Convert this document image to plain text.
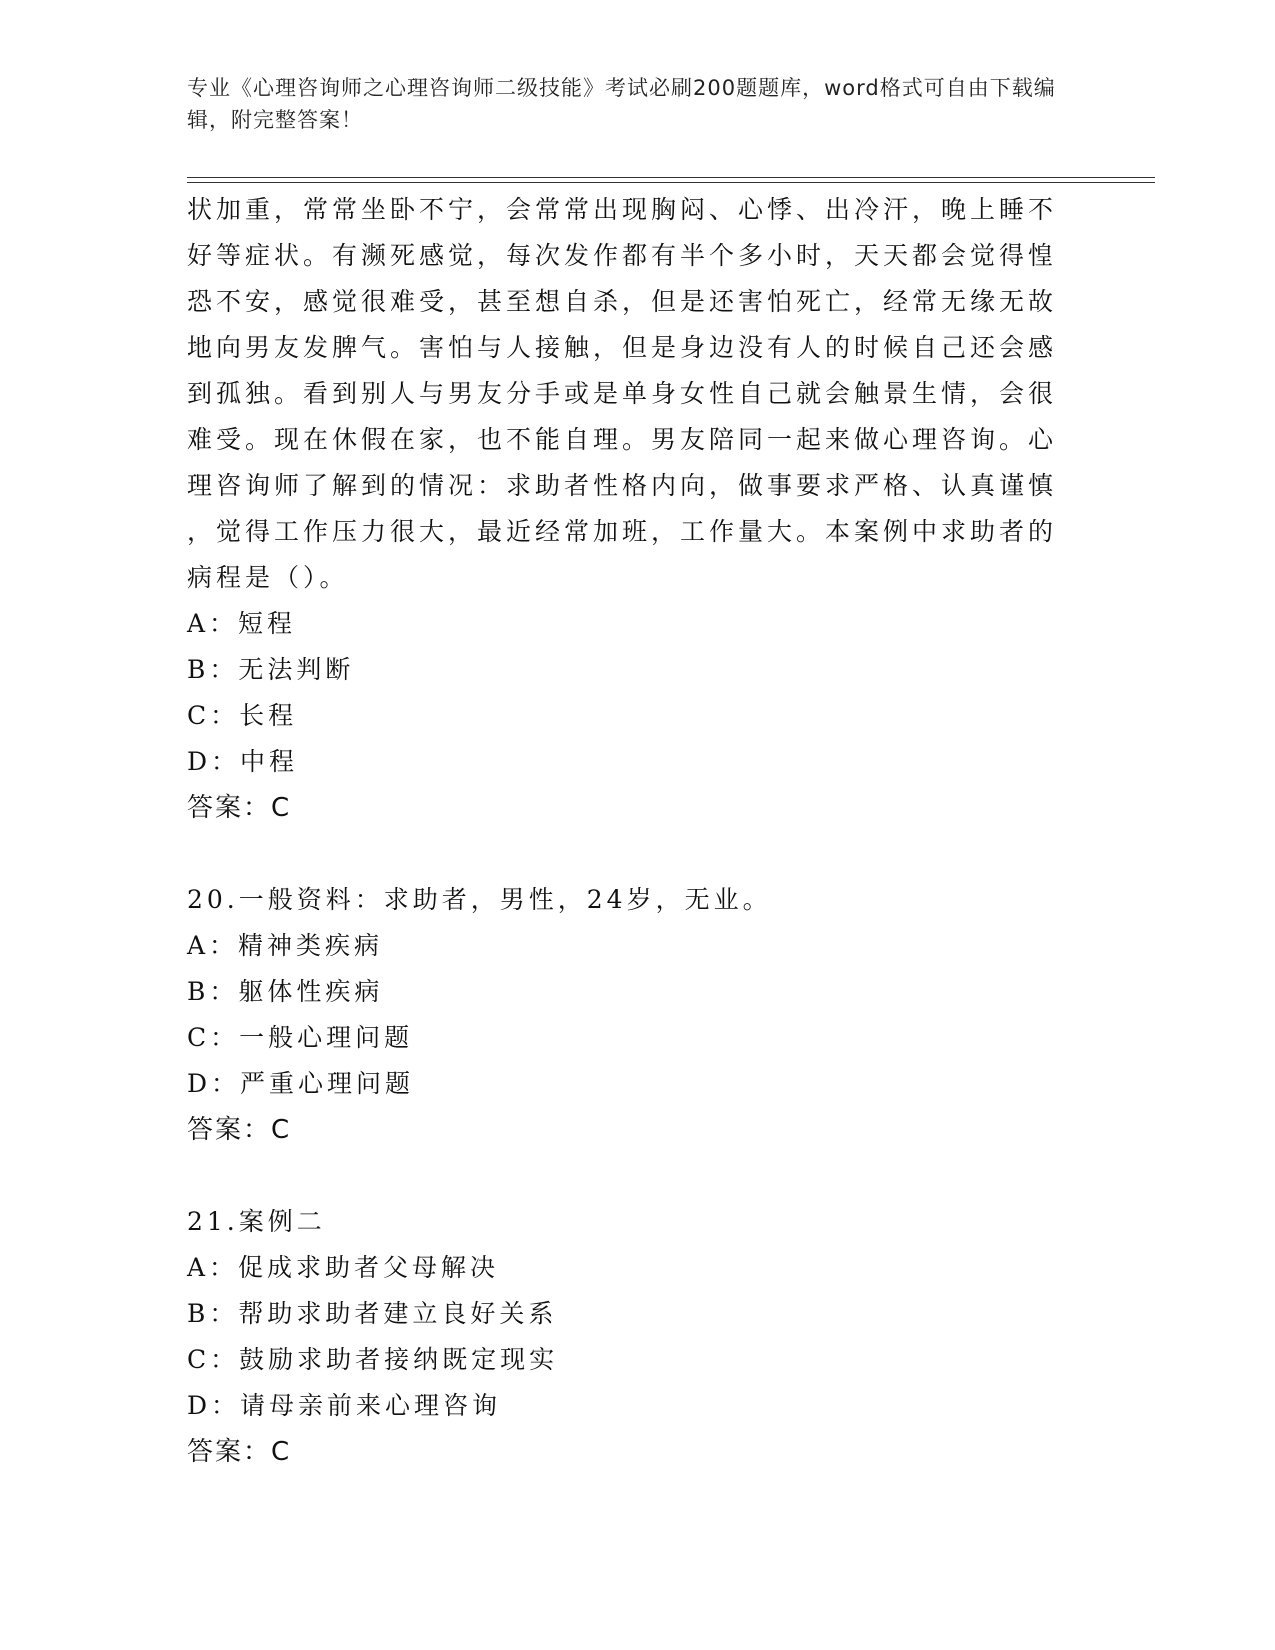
专业《心理咨询师之心理咨询师二级技能》考试必刷200题题库，word格式可自由下载编辑，附完整答案！

状加重，常常坐卧不宁，会常常出现胸闷、心悸、出冷汗，晚上睡不
好等症状。有濒死感觉，每次发作都有半个多小时，天天都会觉得惶
恐不安，感觉很难受，甚至想自杀，但是还害怕死亡，经常无缘无故
地向男友发脾气。害怕与人接触，但是身边没有人的时候自己还会感
到孤独。看到别人与男友分手或是单身女性自己就会触景生情，会很
难受。现在休假在家，也不能自理。男友陪同一起来做心理咨询。心
理咨询师了解到的情况：求助者性格内向，做事要求严格、认真谨慎
，觉得工作压力很大，最近经常加班，工作量大。本案例中求助者的
病程是（）。

A：短程

B：无法判断

C：长程

D：中程

答案：C

20.一般资料：求助者，男性，24岁，无业。

A：精神类疾病

B：躯体性疾病

C：一般心理问题

D：严重心理问题

答案：C

21.案例二

A：促成求助者父母解决

B：帮助求助者建立良好关系

C：鼓励求助者接纳既定现实

D：请母亲前来心理咨询

答案：C
